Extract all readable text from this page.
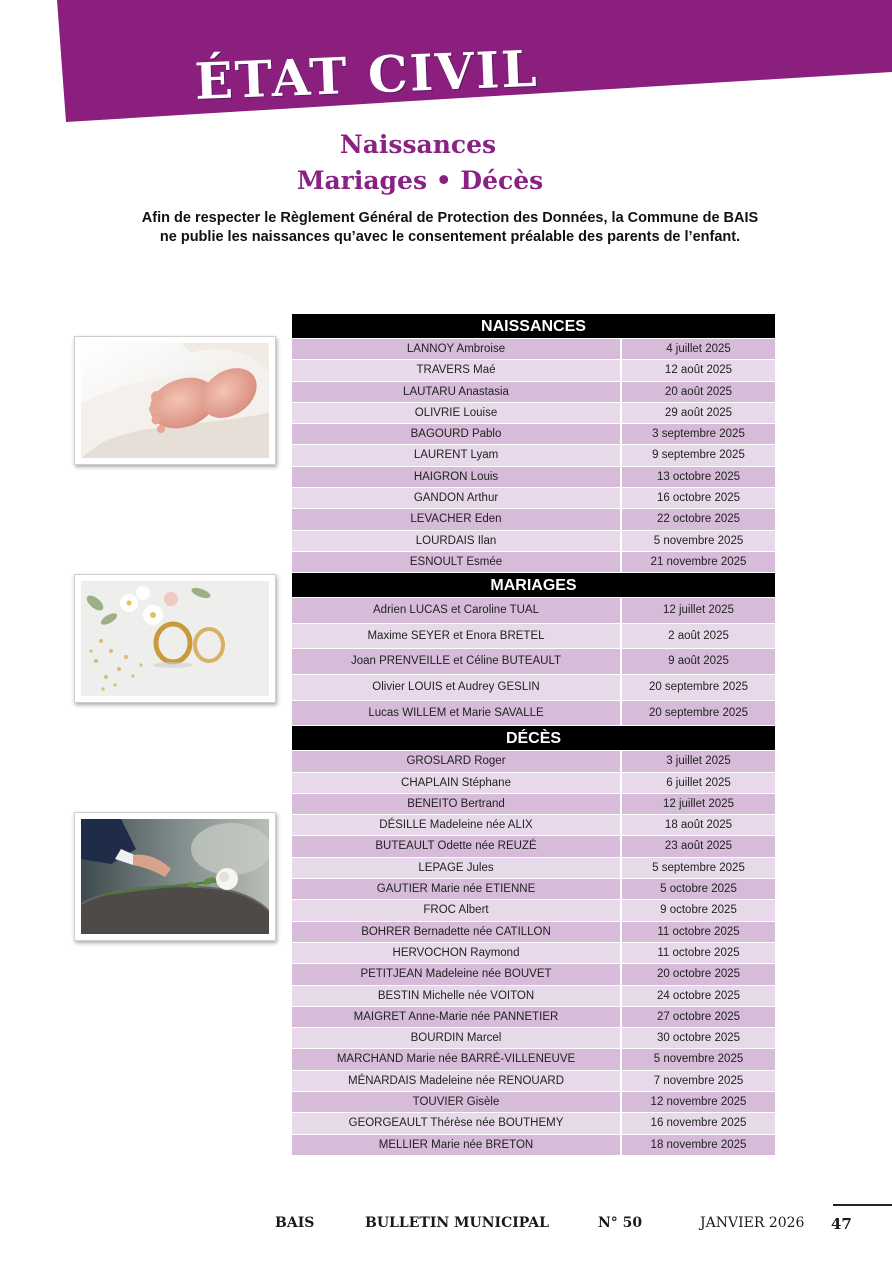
ÉTAT CIVIL
Naissances
Mariages • Décès
Afin de respecter le Règlement Général de Protection des Données, la Commune de BAIS
ne publie les naissances qu’avec le consentement préalable des parents de l’enfant.
NAISSANCES
LANNOY Ambroise	4 juillet 2025
TRAVERS Maé	12 août 2025
LAUTARU Anastasia	20 août 2025
OLIVRIE Louise	29 août 2025
BAGOURD Pablo	3 septembre 2025
LAURENT Lyam	9 septembre 2025
HAIGRON Louis	13 octobre 2025
GANDON Arthur	16 octobre 2025
LEVACHER Eden	22 octobre 2025
LOURDAIS Ilan	5 novembre 2025
ESNOULT Esmée	21 novembre 2025
MARIAGES
Adrien LUCAS et Caroline TUAL	12 juillet 2025
Maxime SEYER et Enora BRETEL	2 août 2025
Joan PRENVEILLE et Céline BUTEAULT	9 août 2025
Olivier LOUIS et Audrey GESLIN	20 septembre 2025
Lucas WILLEM et Marie SAVALLE	20 septembre 2025
DÉCÈS
GROSLARD Roger	3 juillet 2025
CHAPLAIN Stéphane	6 juillet 2025
BENEITO Bertrand	12 juillet 2025
DÉSILLE Madeleine née ALIX	18 août 2025
BUTEAULT Odette née REUZÉ	23 août 2025
LEPAGE Jules	5 septembre 2025
GAUTIER Marie née ETIENNE	5 octobre 2025
FROC Albert	9 octobre 2025
BOHRER Bernadette née CATILLON	11 octobre 2025
HERVOCHON Raymond	11 octobre 2025
PETITJEAN Madeleine née BOUVET	20 octobre 2025
BESTIN Michelle née VOITON	24 octobre 2025
MAIGRET Anne-Marie née PANNETIER	27 octobre 2025
BOURDIN Marcel	30 octobre 2025
MARCHAND Marie née BARRÉ-VILLENEUVE	5 novembre 2025
MÉNARDAIS Madeleine née RENOUARD	7 novembre 2025
TOUVIER Gisèle	12 novembre 2025
GEORGEAULT Thérèse née BOUTHEMY	16 novembre 2025
MELLIER Marie née BRETON	18 novembre 2025
BAIS	BULLETIN MUNICIPAL	N° 50	JANVIER 2026 47
